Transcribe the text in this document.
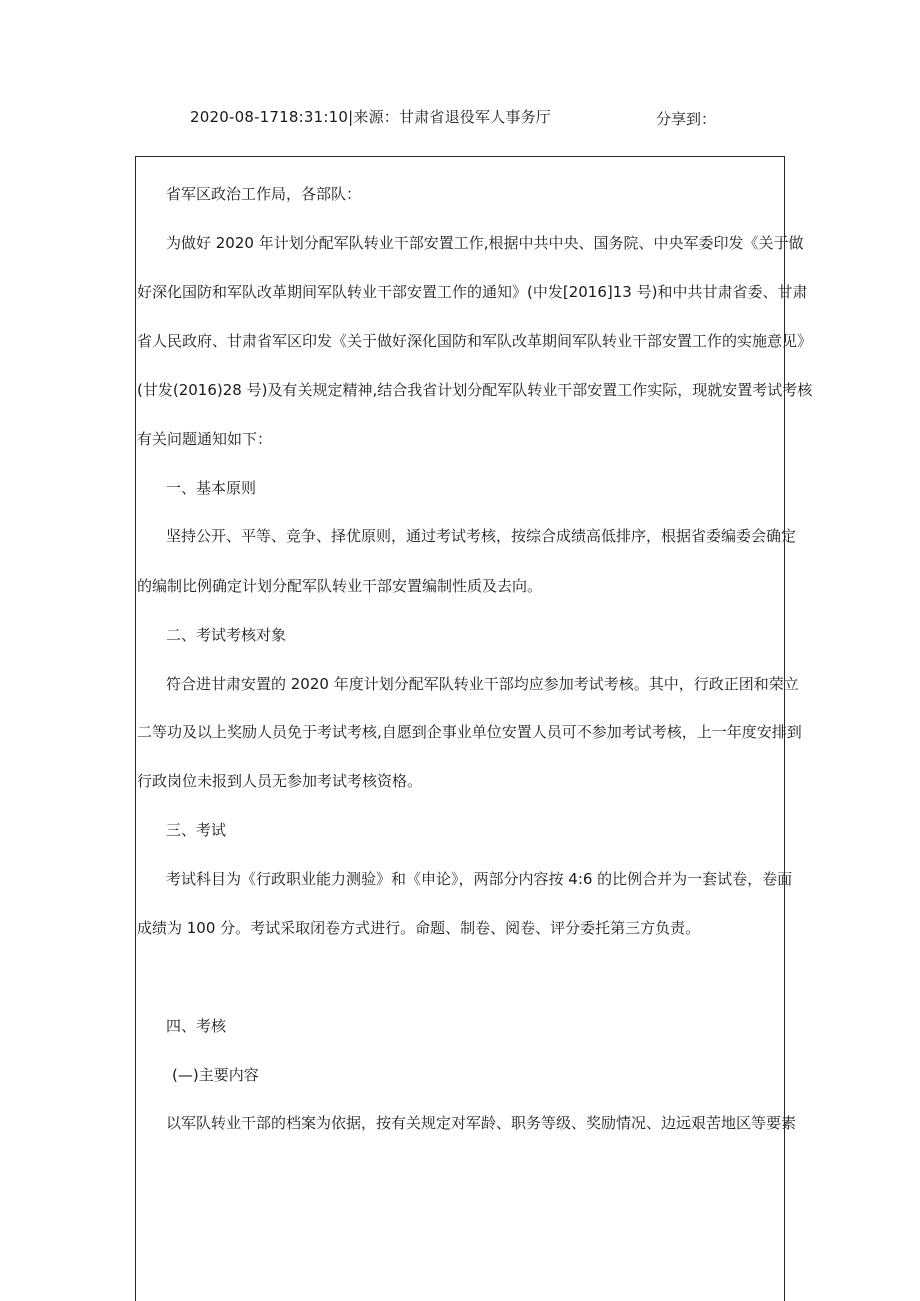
2020-08-1718:31:10|来源：甘肃省退役军人事务厅	分享到：
省军区政治工作局，各部队：
为做好 2020 年计划分配军队转业干部安置工作,根据中共中央、国务院、中央军委印发《关于做
好深化国防和军队改革期间军队转业干部安置工作的通知》(中发[2016]13 号)和中共甘肃省委、甘肃
省人民政府、甘肃省军区印发《关于做好深化国防和军队改革期间军队转业干部安置工作的实施意见》
(甘发(2016)28 号)及有关规定精神,结合我省计划分配军队转业干部安置工作实际，现就安置考试考核
有关问题通知如下：
一、基本原则
坚持公开、平等、竞争、择优原则，通过考试考核，按综合成绩高低排序，根据省委编委会确定
的编制比例确定计划分配军队转业干部安置编制性质及去向。
二、考试考核对象
符合进甘肃安置的 2020 年度计划分配军队转业干部均应参加考试考核。其中，行政正团和荣立
二等功及以上奖励人员免于考试考核,自愿到企事业单位安置人员可不参加考试考核，上一年度安排到
行政岗位未报到人员无参加考试考核资格。
三、考试
考试科目为《行政职业能力测验》和《申论》，两部分内容按 4:6 的比例合并为一套试卷，卷面
成绩为 100 分。考试采取闭卷方式进行。命题、制卷、阅卷、评分委托第三方负责。
四、考核
(—)主要内容
以军队转业干部的档案为依据，按有关规定对军龄、职务等级、奖励情况、边远艰苦地区等要素
